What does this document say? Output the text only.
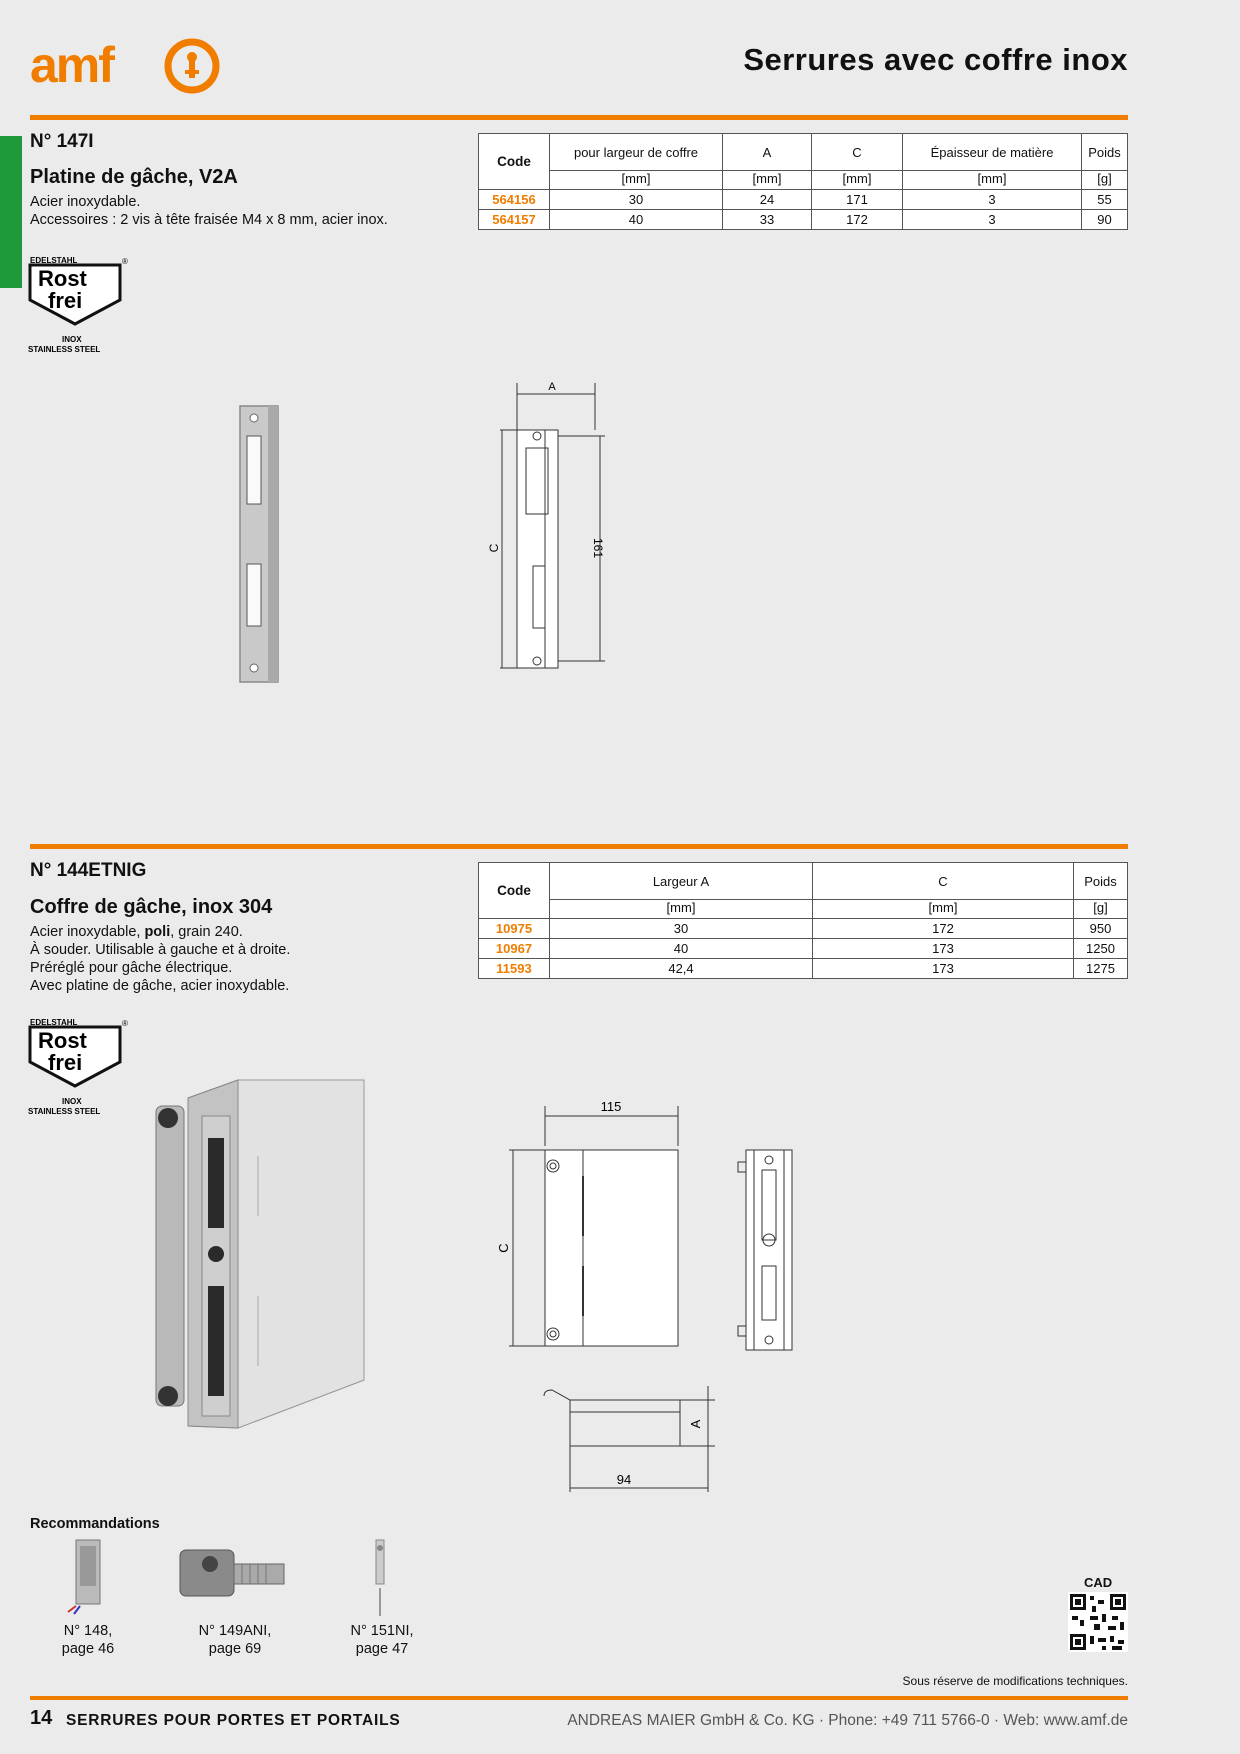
amf	Serrures avec coffre inox
N° 147I
Platine de gâche, V2A
Acier inoxydable.
Accessoires : 2 vis à tête fraisée M4 x 8 mm, acier inox.
EDELSTAHL	®
Rost
frei
INOX
STAINLESS STEEL
Code	pour largeur de coffre	A	C	Épaisseur de matière	Poids
	[mm]	[mm]	[mm]	[mm]	[g]
564156	30	24	171	3	55
564157	40	33	172	3	90
A
C	161
N° 144ETNIG
Coffre de gâche, inox 304
Acier inoxydable, poli, grain 240.
À souder. Utilisable à gauche et à droite.
Préréglé pour gâche électrique.
Avec platine de gâche, acier inoxydable.
EDELSTAHL	®
Rost
frei
INOX
STAINLESS STEEL
Code	Largeur A	C	Poids
	[mm]	[mm]	[g]
10975	30	172	950
10967	40	173	1250
11593	42,4	173	1275
115
C
A
94
Recommandations
N° 148,
page 46
N° 149ANI,
page 69
N° 151NI,
page 47
CAD
Sous réserve de modifications techniques.
14 SERRURES POUR PORTES ET PORTAILS	ANDREAS MAIER GmbH & Co. KG · Phone: +49 711 5766-0 · Web: www.amf.de
